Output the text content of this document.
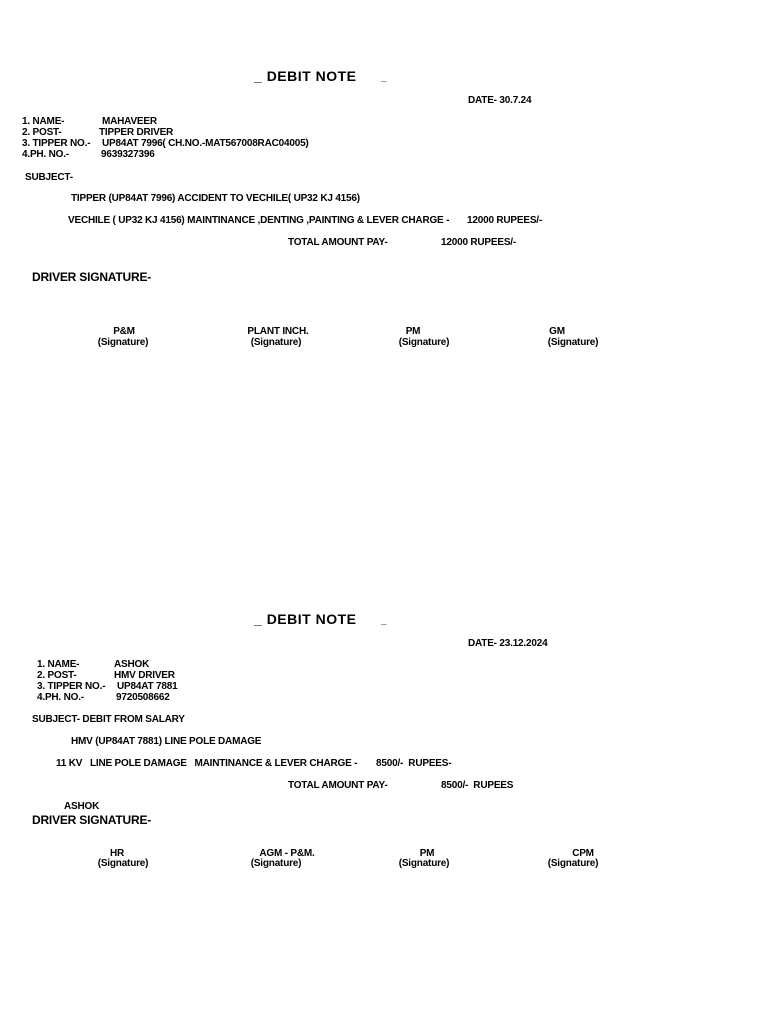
_ DEBIT NOTE _
DATE- 30.7.24
1. NAME-	MAHAVEER
2. POST-	TIPPER DRIVER
3. TIPPER NO.- UP84AT 7996( CH.NO.-MAT567008RAC04005)
4.PH. NO.-	9639327396
SUBJECT-
TIPPER (UP84AT 7996) ACCIDENT TO VECHILE( UP32 KJ 4156)
VECHILE ( UP32 KJ 4156) MAINTINANCE ,DENTING ,PAINTING & LEVER CHARGE - 12000 RUPEES/-
TOTAL AMOUNT PAY-	12000 RUPEES/-
DRIVER SIGNATURE-
P&M
(Signature)
PLANT INCH.
(Signature)
PM
(Signature)
GM
(Signature)
_ DEBIT NOTE _
DATE- 23.12.2024
1. NAME-	ASHOK
2. POST-	HMV DRIVER
3. TIPPER NO.- UP84AT 7881
4.PH. NO.-	9720508662
SUBJECT- DEBIT FROM SALARY
HMV (UP84AT 7881) LINE POLE DAMAGE
11 KV   LINE POLE DAMAGE   MAINTINANCE & LEVER CHARGE - 8500/-  RUPEES-
TOTAL AMOUNT PAY-	8500/-  RUPEES
ASHOK
DRIVER SIGNATURE-
HR
(Signature)
AGM - P&M.
(Signature)
PM
(Signature)
CPM
(Signature)
